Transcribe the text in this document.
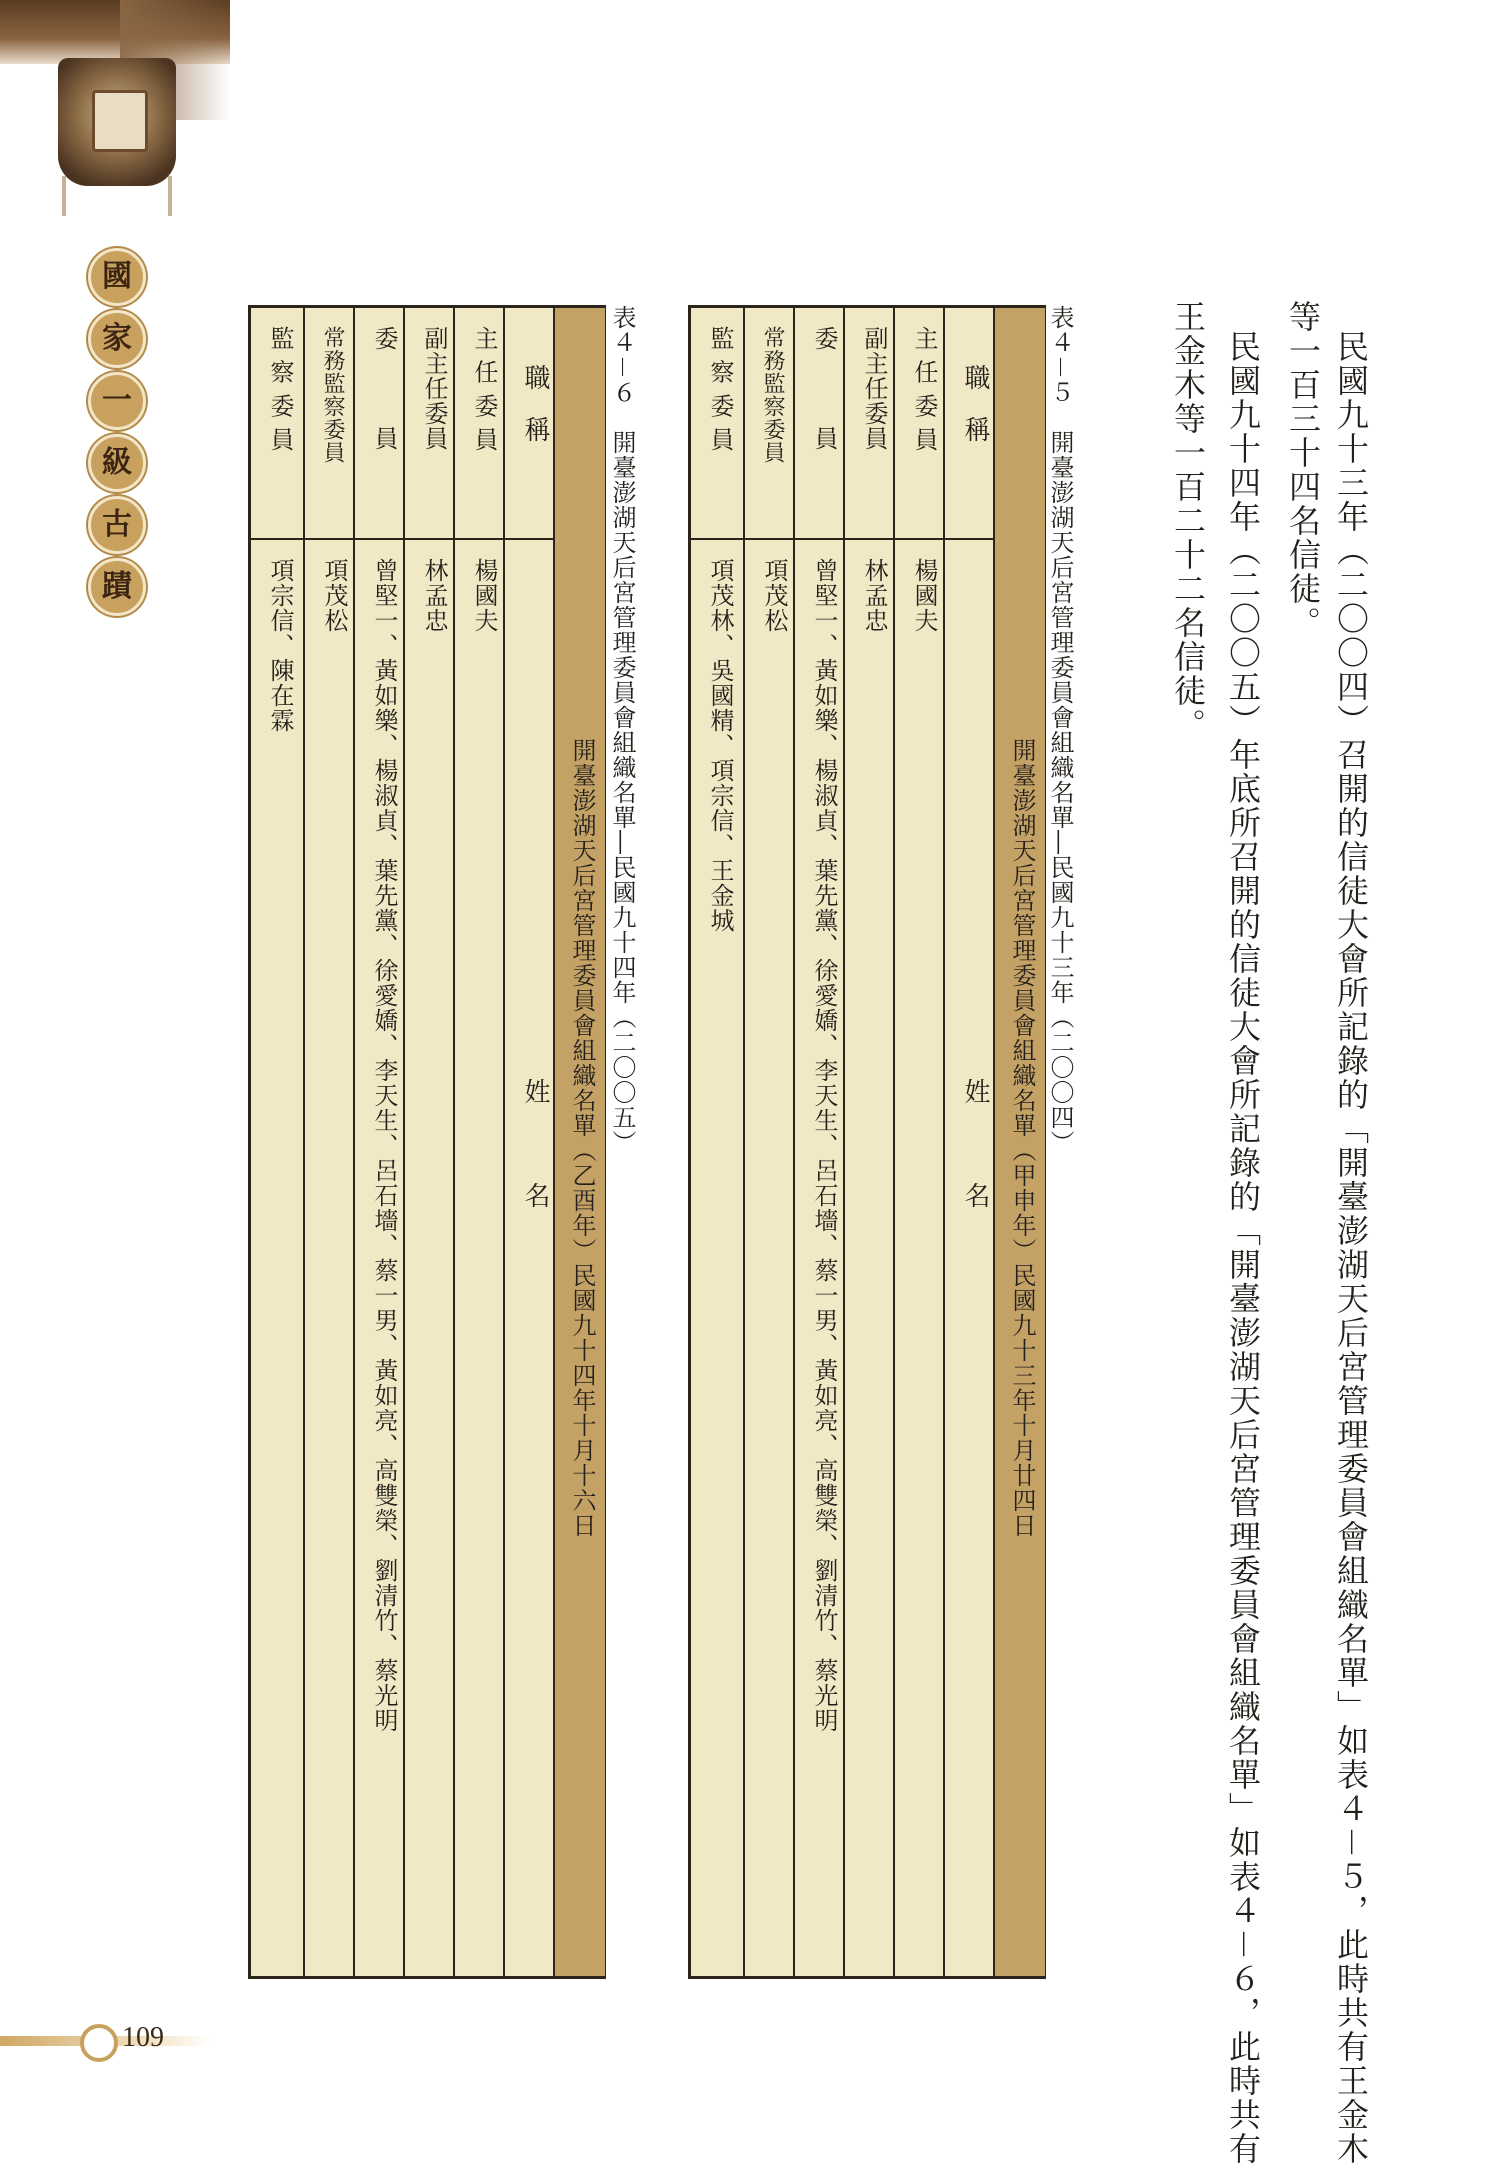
國
家
一
級
古
蹟	民國九十三年（二〇〇四）召開的信徒大會所記錄的「開臺澎湖天后宮管理委員會組織名單」如表４－５，此時共有王金木
等一百三十四名信徒。
民國九十四年（二〇〇五）年底所召開的信徒大會所記錄的「開臺澎湖天后宮管理委員會組織名單」如表４－６，此時共有
王金木等一百二十二名信徒。
表４－５　開臺澎湖天后宮管理委員會組織名單―民國九十三年（二〇〇四）
開臺澎湖天后宮管理委員會組織名單（甲申年）民國九十三年十月廿四日
職　稱
姓　　　名
主 任 委 員
楊國夫
副主任委員
林孟忠
委　　　員
曾堅一、黃如樂、楊淑貞、葉先黨、徐愛嬌、李天生、呂石墻、蔡一男、黃如亮、高雙榮、劉清竹、蔡光明
常務監察委員
項茂松
監 察 委 員
項茂林、吳國精、項宗信、王金城
表４－６　開臺澎湖天后宮管理委員會組織名單―民國九十四年（二〇〇五）
開臺澎湖天后宮管理委員會組織名單（乙酉年）民國九十四年十月十六日
職　稱
姓　　　名
主 任 委 員
楊國夫
副主任委員
林孟忠
委　　　員
曾堅一、黃如樂、楊淑貞、葉先黨、徐愛嬌、李天生、呂石墻、蔡一男、黃如亮、高雙榮、劉清竹、蔡光明
常務監察委員
項茂松
監 察 委 員
項宗信、陳在霖
109
